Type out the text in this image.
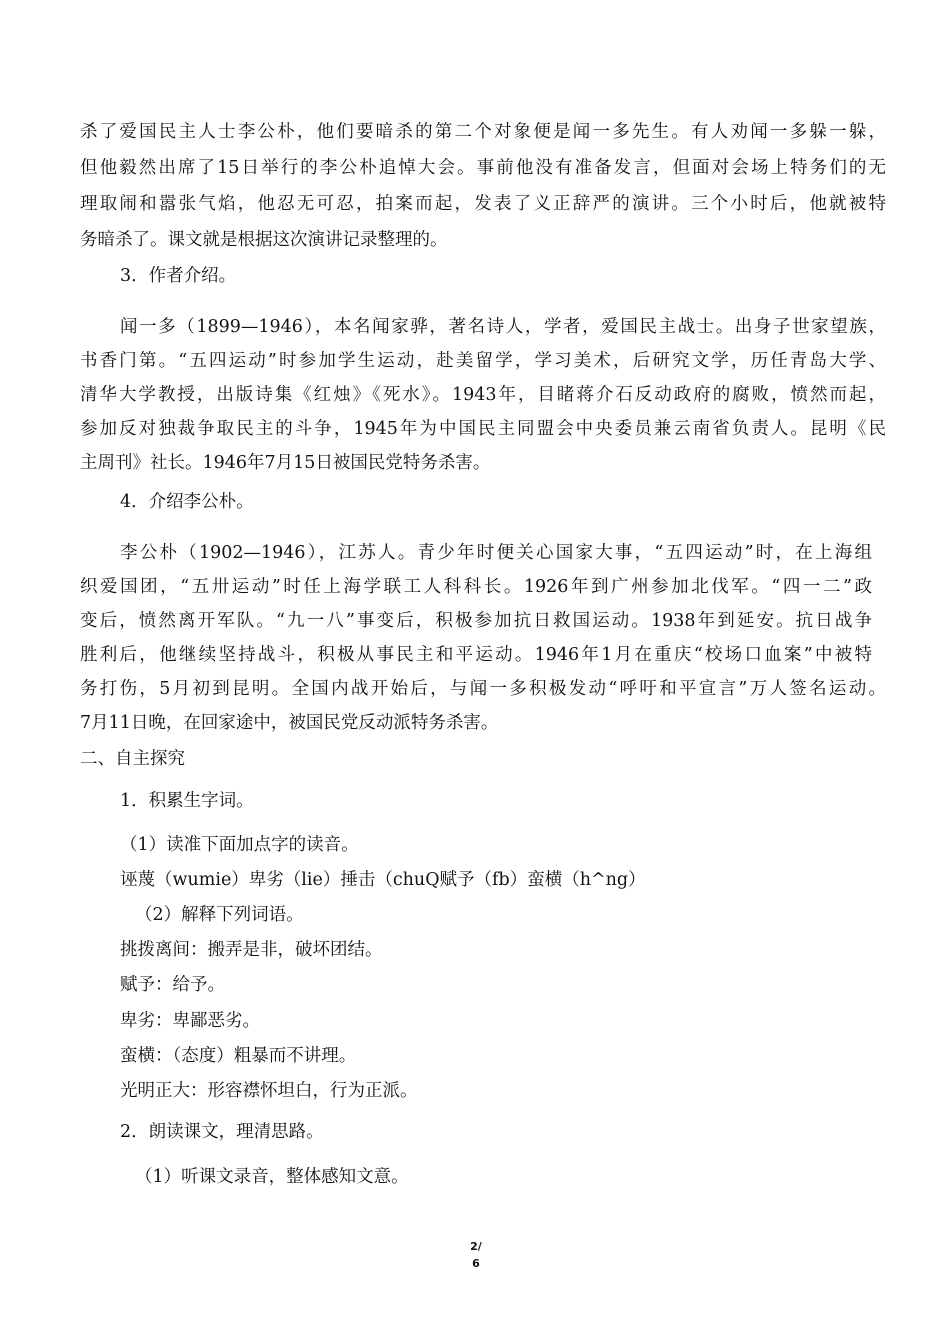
杀了爱国民主人士李公朴，他们要暗杀的第二个对象便是闻一多先生。有人劝闻一多躲一躲，
但他毅然出席了15日举行的李公朴追悼大会。事前他没有准备发言，但面对会场上特务们的无
理取闹和嚣张气焰，他忍无可忍，拍案而起，发表了义正辞严的演讲。三个小时后，他就被特
务暗杀了。课文就是根据这次演讲记录整理的。
3．作者介绍。
闻一多（1899—1946），本名闻家骅，著名诗人，学者，爱国民主战士。出身子世家望族，
书香门第。“五四运动”时参加学生运动，赴美留学，学习美术，后研究文学，历任青岛大学、
清华大学教授，出版诗集《红烛》《死水》。1943年，目睹蒋介石反动政府的腐败，愤然而起，
参加反对独裁争取民主的斗争，1945年为中国民主同盟会中央委员兼云南省负责人。昆明《民
主周刊》社长。1946年7月15日被国民党特务杀害。
4．介绍李公朴。
李公朴（1902—1946），江苏人。青少年时便关心国家大事，“五四运动”时，在上海组
织爱国团，“五卅运动”时任上海学联工人科科长。1926年到广州参加北伐军。“四一二”政
变后，愤然离开军队。“九一八”事变后，积极参加抗日救国运动。1938年到延安。抗日战争
胜利后，他继续坚持战斗，积极从事民主和平运动。1946年1月在重庆“校场口血案”中被特
务打伤，5月初到昆明。全国内战开始后，与闻一多积极发动“呼吁和平宣言”万人签名运动。
7月11日晚，在回家途中，被国民党反动派特务杀害。
二、自主探究
1．积累生字词。
（1）读准下面加点字的读音。
诬蔑（wumie）卑劣（lie）捶击（chuQ赋予（fb）蛮横（h^ng）
（2）解释下列词语。
挑拨离间：搬弄是非，破坏团结。
赋予：给予。
卑劣：卑鄙恶劣。
蛮横：（态度）粗暴而不讲理。
光明正大：形容襟怀坦白，行为正派。
2．朗读课文，理清思路。
（1）听课文录音，整体感知文意。
2/
6
